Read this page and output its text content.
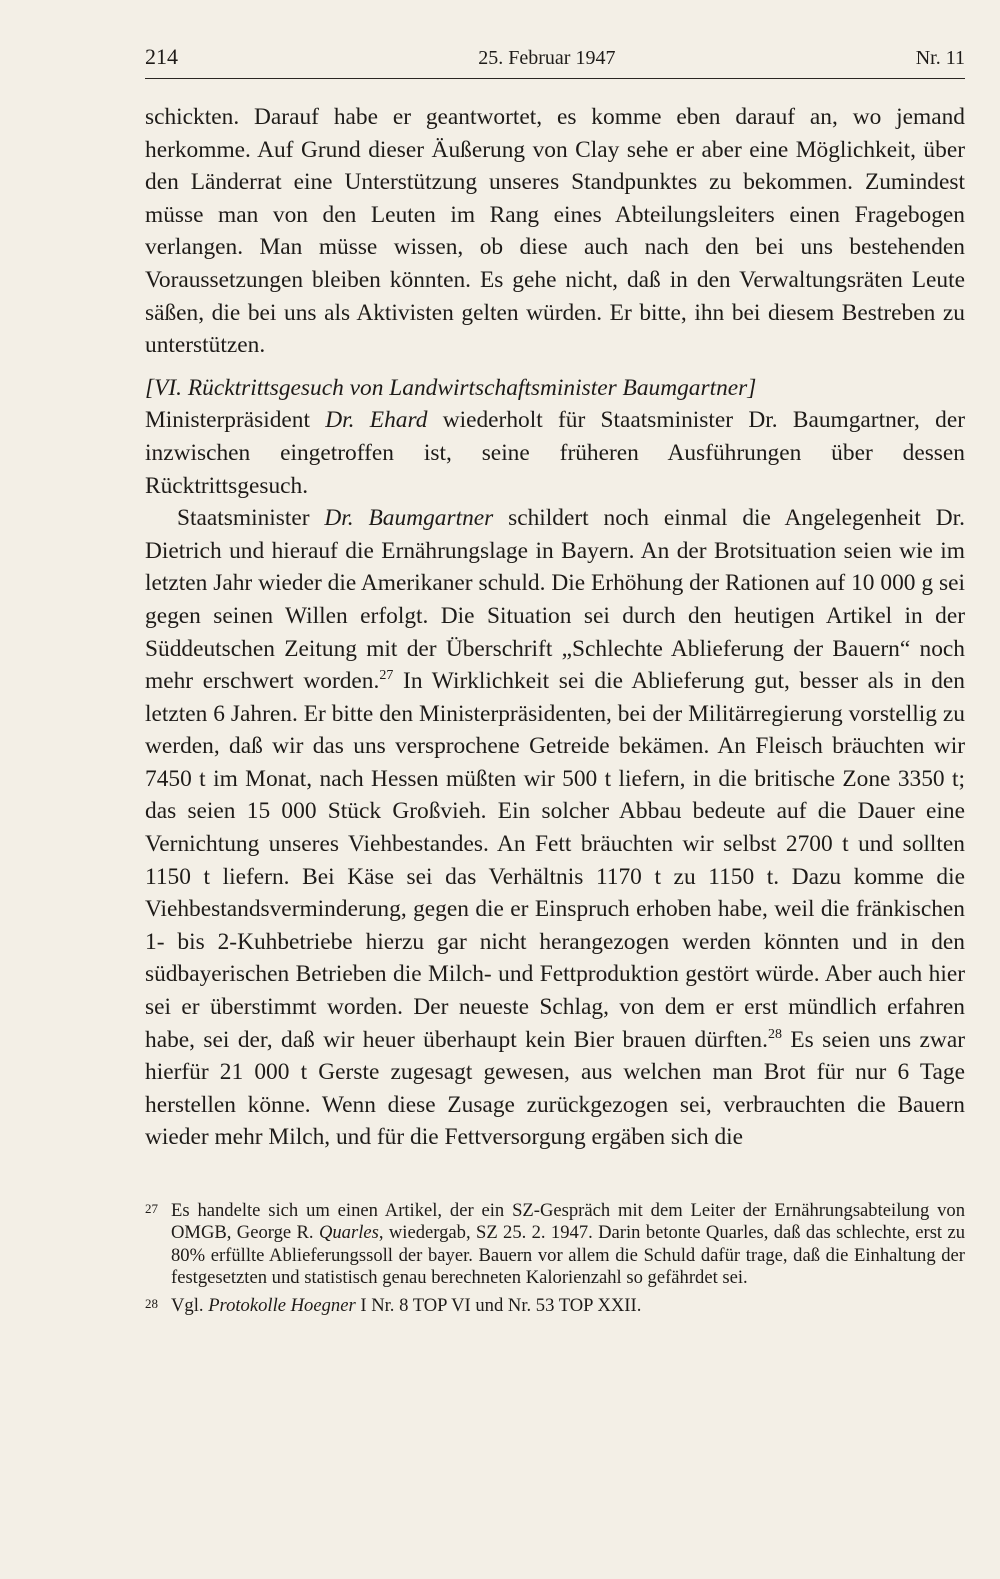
214	25. Februar 1947	Nr. 11

schickten. Darauf habe er geantwortet, es komme eben darauf an, wo jemand herkomme. Auf Grund dieser Äußerung von Clay sehe er aber eine Möglichkeit, über den Länderrat eine Unterstützung unseres Standpunktes zu bekommen. Zumindest müsse man von den Leuten im Rang eines Abteilungsleiters einen Fragebogen verlangen. Man müsse wissen, ob diese auch nach den bei uns bestehenden Voraussetzungen bleiben könnten. Es gehe nicht, daß in den Verwaltungsräten Leute säßen, die bei uns als Aktivisten gelten würden. Er bitte, ihn bei diesem Bestreben zu unterstützen.

[VI. Rücktrittsgesuch von Landwirtschaftsminister Baumgartner]

Ministerpräsident Dr. Ehard wiederholt für Staatsminister Dr. Baumgartner, der inzwischen eingetroffen ist, seine früheren Ausführungen über dessen Rücktrittsgesuch.

Staatsminister Dr. Baumgartner schildert noch einmal die Angelegenheit Dr. Dietrich und hierauf die Ernährungslage in Bayern. An der Brotsituation seien wie im letzten Jahr wieder die Amerikaner schuld. Die Erhöhung der Rationen auf 10 000 g sei gegen seinen Willen erfolgt. Die Situation sei durch den heutigen Artikel in der Süddeutschen Zeitung mit der Überschrift „Schlechte Ablieferung der Bauern“ noch mehr erschwert worden.$^{27}$ In Wirklichkeit sei die Ablieferung gut, besser als in den letzten 6 Jahren. Er bitte den Ministerpräsidenten, bei der Militärregierung vorstellig zu werden, daß wir das uns versprochene Getreide bekämen. An Fleisch bräuchten wir 7450 t im Monat, nach Hessen müßten wir 500 t liefern, in die britische Zone 3350 t; das seien 15 000 Stück Großvieh. Ein solcher Abbau bedeute auf die Dauer eine Vernichtung unseres Viehbestandes. An Fett bräuchten wir selbst 2700 t und sollten 1150 t liefern. Bei Käse sei das Verhältnis 1170 t zu 1150 t. Dazu komme die Viehbestandsverminderung, gegen die er Einspruch erhoben habe, weil die fränkischen 1- bis 2-Kuhbetriebe hierzu gar nicht herangezogen werden könnten und in den südbayerischen Betrieben die Milch- und Fettproduktion gestört würde. Aber auch hier sei er überstimmt worden. Der neueste Schlag, von dem er erst mündlich erfahren habe, sei der, daß wir heuer überhaupt kein Bier brauen dürften.$^{28}$ Es seien uns zwar hierfür 21 000 t Gerste zugesagt gewesen, aus welchen man Brot für nur 6 Tage herstellen könne. Wenn diese Zusage zurückgezogen sei, verbrauchten die Bauern wieder mehr Milch, und für die Fettversorgung ergäben sich die

27 Es handelte sich um einen Artikel, der ein SZ-Gespräch mit dem Leiter der Ernährungsabteilung von OMGB, George R. Quarles, wiedergab, SZ 25. 2. 1947. Darin betonte Quarles, daß das schlechte, erst zu 80% erfüllte Ablieferungssoll der bayer. Bauern vor allem die Schuld dafür trage, daß die Einhaltung der festgesetzten und statistisch genau berechneten Kalorienzahl so gefährdet sei.
28 Vgl. Protokolle Hoegner I Nr. 8 TOP VI und Nr. 53 TOP XXII.
